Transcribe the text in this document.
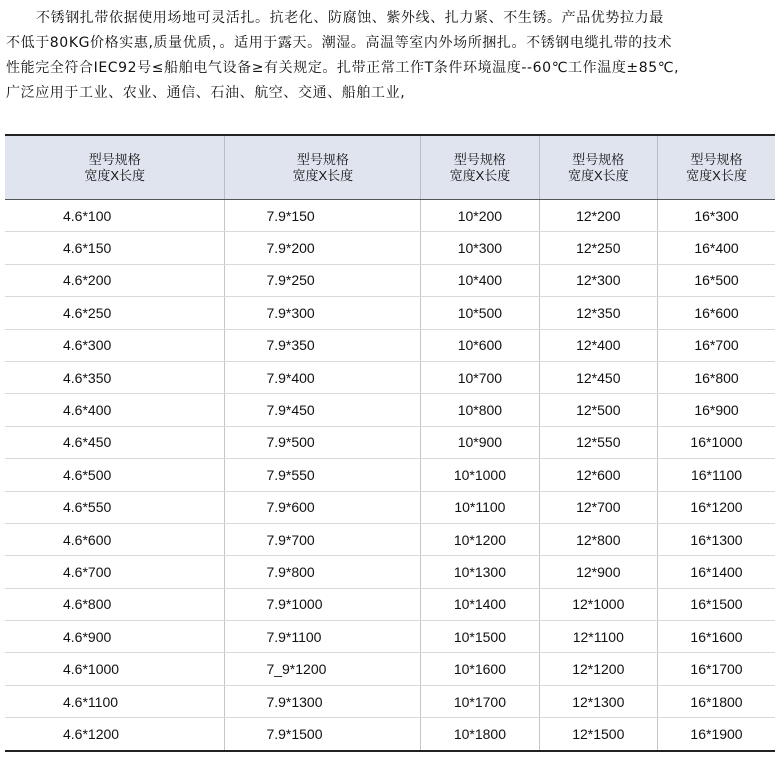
不锈钢扎带依据使用场地可灵活扎。抗老化、防腐蚀、紫外线、扎力紧、不生锈。产品优势拉力最

不低于80KG价格实惠,质量优质，。适用于露天。潮湿。高温等室内外场所捆扎。不锈钢电缆扎带的技术

性能完全符合IEC92号≤船舶电气设备≥有关规定。扎带正常工作T条件环境温度--60℃工作温度±85℃,

广泛应用于工业、农业、通信、石油、航空、交通、船舶工业,

型号规格
宽度X长度	型号规格
宽度X长度	型号规格
宽度X长度	型号规格
宽度X长度	型号规格
宽度X长度

4.6*100	7.9*150	10*200	12*200	16*300
4.6*150	7.9*200	10*300	12*250	16*400
4.6*200	7.9*250	10*400	12*300	16*500
4.6*250	7.9*300	10*500	12*350	16*600
4.6*300	7.9*350	10*600	12*400	16*700
4.6*350	7.9*400	10*700	12*450	16*800
4.6*400	7.9*450	10*800	12*500	16*900
4.6*450	7.9*500	10*900	12*550	16*1000
4.6*500	7.9*550	10*1000	12*600	16*1100
4.6*550	7.9*600	10*1100	12*700	16*1200
4.6*600	7.9*700	10*1200	12*800	16*1300
4.6*700	7.9*800	10*1300	12*900	16*1400
4.6*800	7.9*1000	10*1400	12*1000	16*1500
4.6*900	7.9*1100	10*1500	12*1100	16*1600
4.6*1000	7_9*1200	10*1600	12*1200	16*1700
4.6*1100	7.9*1300	10*1700	12*1300	16*1800
4.6*1200	7.9*1500	10*1800	12*1500	16*1900
